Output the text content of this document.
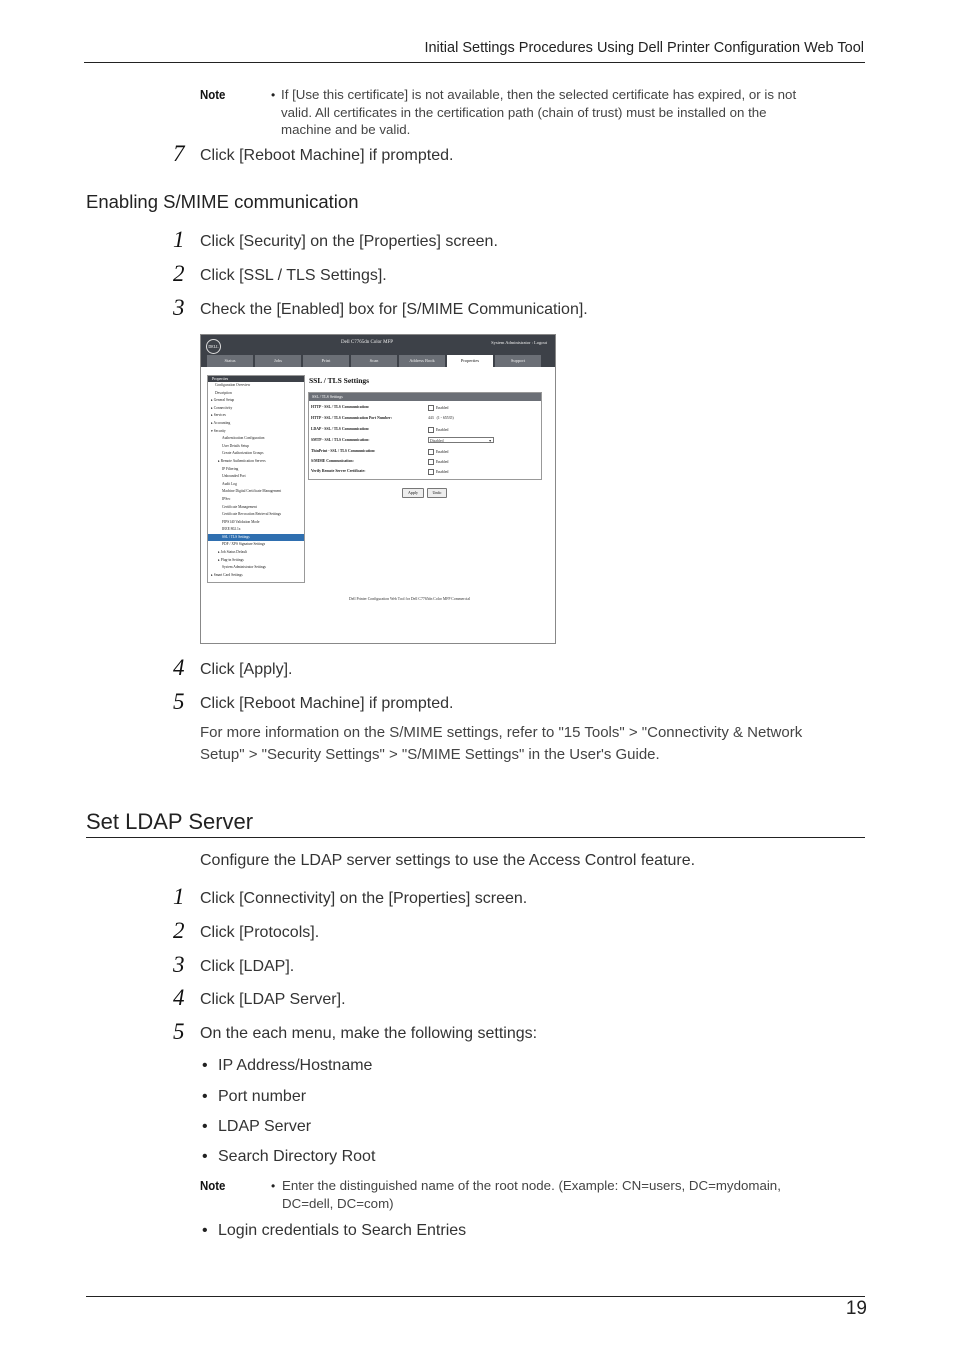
Initial Settings Procedures Using Dell Printer Configuration Web Tool
Note	• If [Use this certificate] is not available, then the selected certificate has expired, or is not
valid. All certificates in the certification path (chain of trust) must be installed on the
machine and be valid.
7 Click [Reboot Machine] if prompted.
Enabling S/MIME communication
1 Click [Security] on the [Properties] screen.
2 Click [SSL / TLS Settings].
3 Check the [Enabled] box for [S/MIME Communication].
DELL
Dell C7765dn Color MFP	System Administrator : Logout
Status	Jobs	Print	Scan	Address Book	Properties	Support
Properties
Configuration Overview
Description
▸ General Setup
▸ Connectivity
▸ Services
▸ Accounting
▾ Security
Authentication Configuration
User Details Setup
Create Authorization Groups
▸ Remote Authentication Servers
IP Filtering
Unbounded Port
Audit Log
Machine Digital Certificate Management
IPSec
Certificate Management
Certificate Revocation Retrieval Settings
FIPS140 Validation Mode
IEEE 802.1x
SSL / TLS Settings
PDF / XPS Signature Settings
▸ Job Status Default
▸ Plug-in Settings
System Administrator Settings
▸ Smart Card Settings
SSL / TLS Settings
SSL / TLS Settings
HTTP - SSL / TLS Communication:	Enabled
HTTP - SSL / TLS Communication Port Number:	443 (1 - 65535)
LDAP - SSL / TLS Communication:	Enabled
SMTP - SSL / TLS Communication:	Disabled	▾
ThinPrint - SSL / TLS Communication:	Enabled
S/MIME Communication:	Enabled
Verify Remote Server Certificate:	Enabled
Apply	Undo
Dell Printer Configuration Web Tool for Dell C7765dn Color MFP Commercial
4 Click [Apply].
5 Click [Reboot Machine] if prompted.
For more information on the S/MIME settings, refer to "15 Tools" > "Connectivity & Network
Setup" > "Security Settings" > "S/MIME Settings" in the User's Guide.
Set LDAP Server
Configure the LDAP server settings to use the Access Control feature.
1 Click [Connectivity] on the [Properties] screen.
2 Click [Protocols].
3 Click [LDAP].
4 Click [LDAP Server].
5 On the each menu, make the following settings:
• IP Address/Hostname
• Port number
• LDAP Server
• Search Directory Root
Note	• Enter the distinguished name of the root node. (Example: CN=users, DC=mydomain,
DC=dell, DC=com)
• Login credentials to Search Entries
19
